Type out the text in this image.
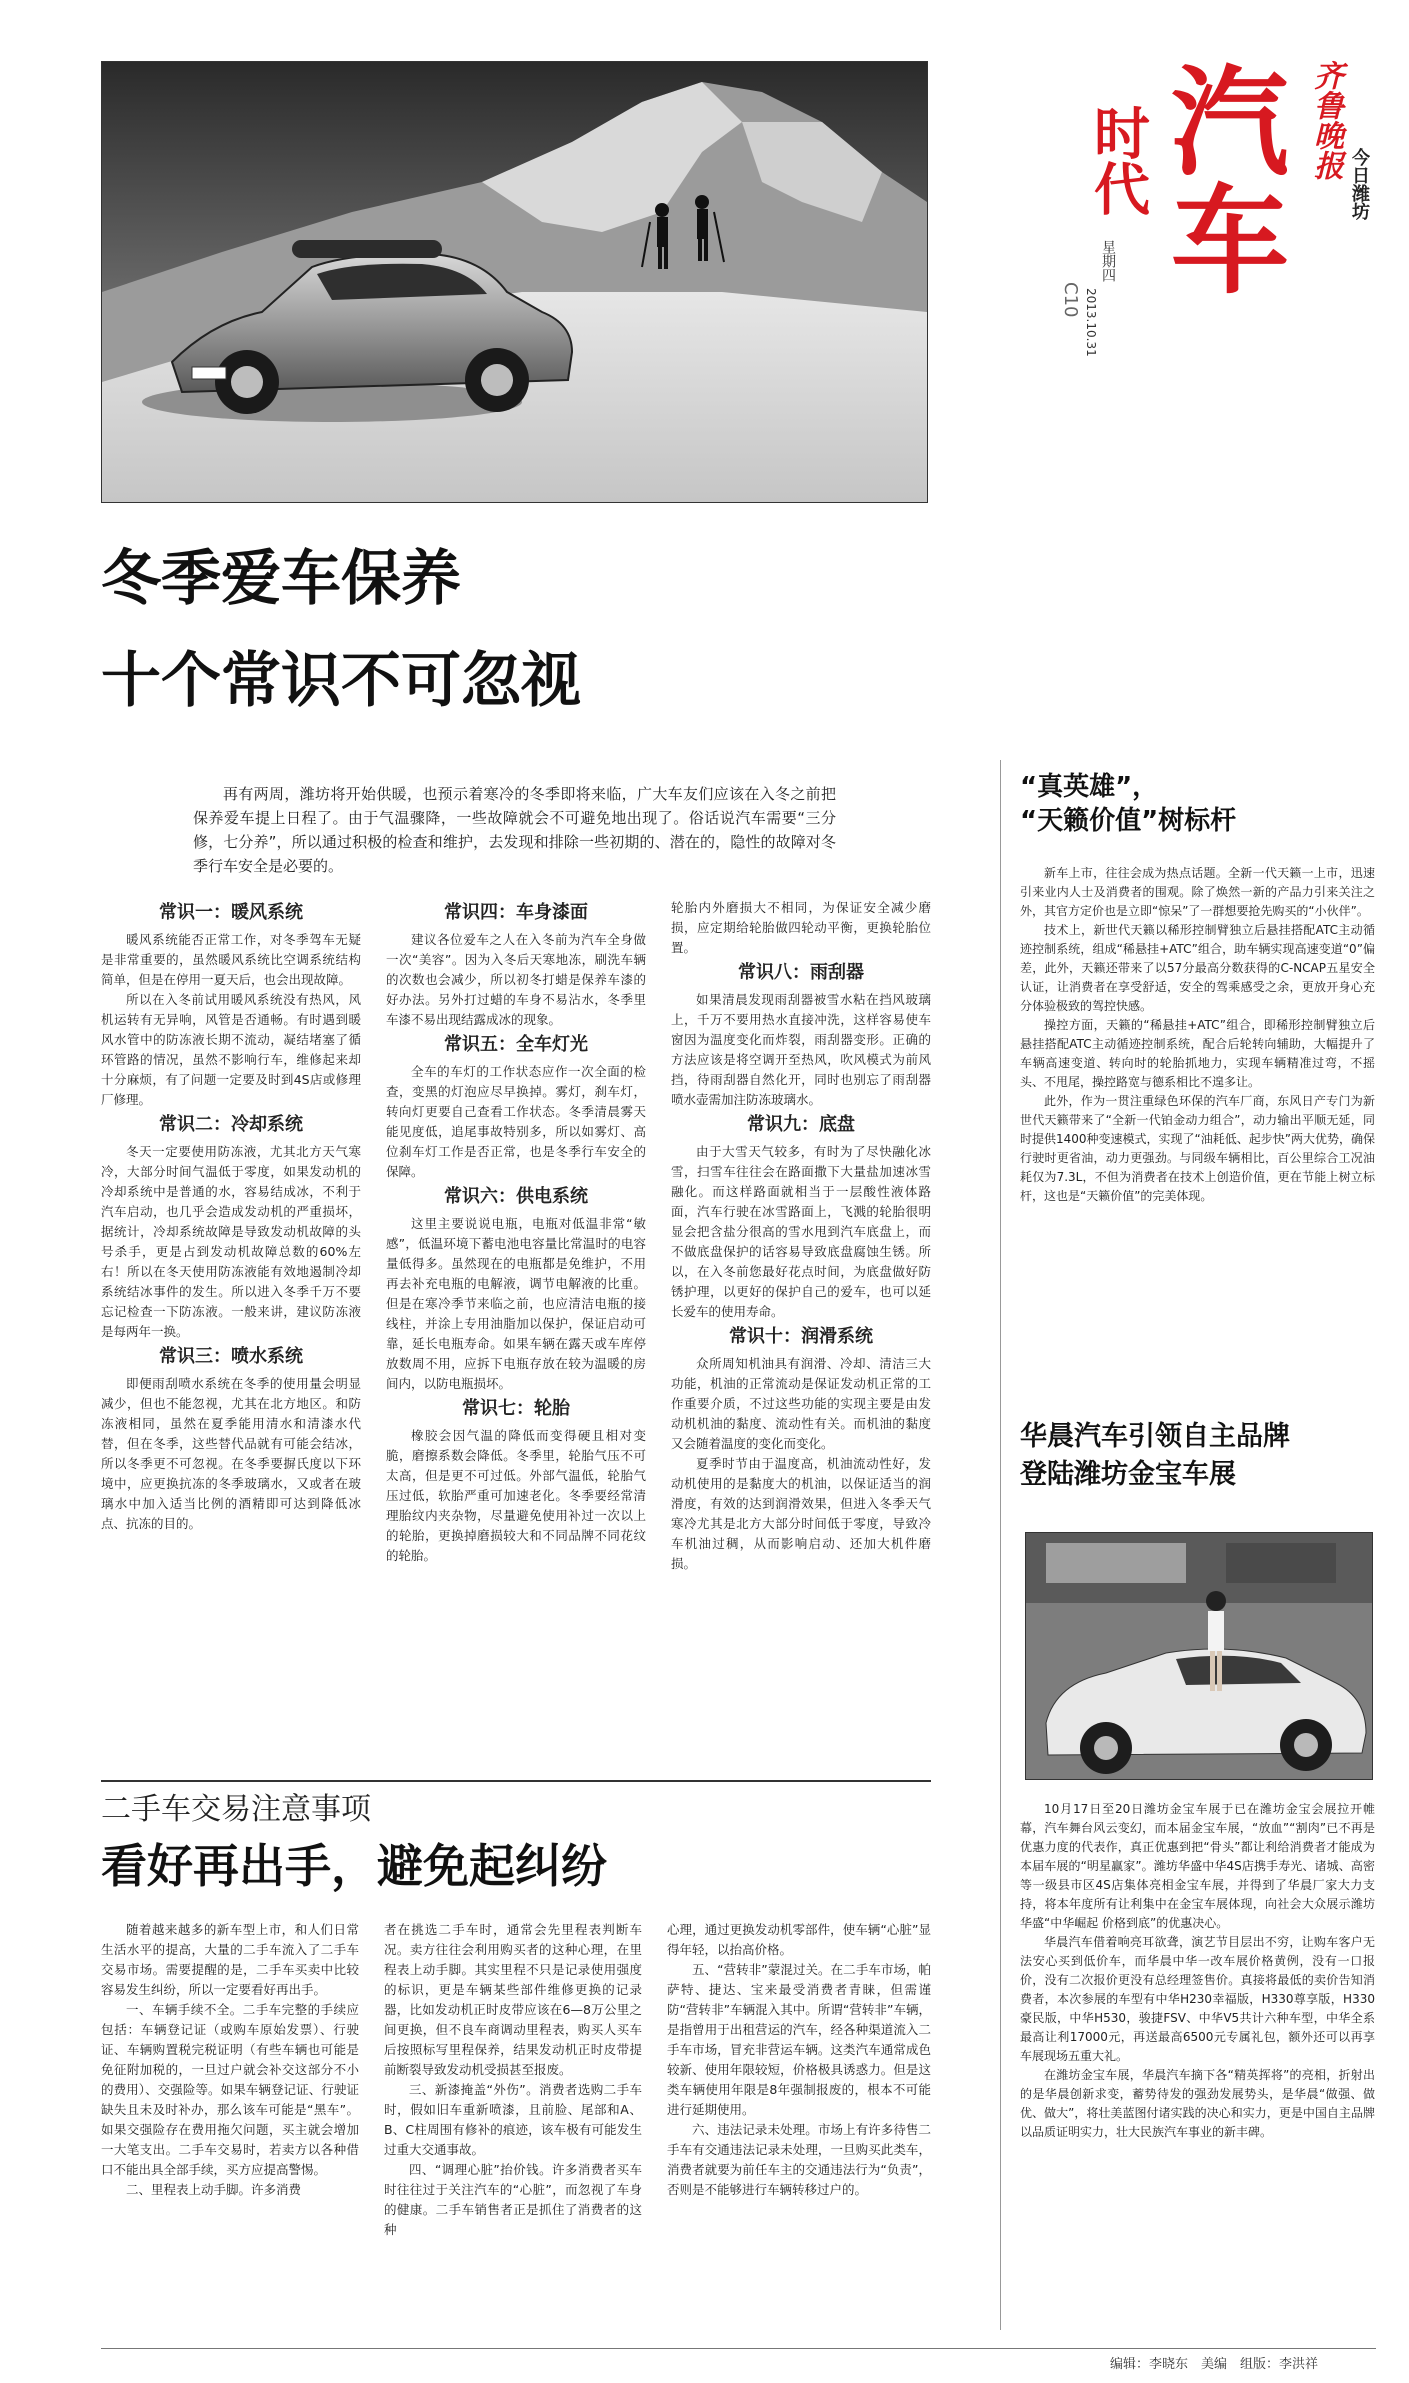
汽车
时代	齐鲁晚报
今日潍坊
星期四
2013.10.31
C10
冬季爱车保养
十个常识不可忽视

再有两周，潍坊将开始供暖，也预示着寒冷的冬季即将来临，广大车友们应该在入冬之前把保养爱车提上日程了。由于气温骤降，一些故障就会不可避免地出现了。俗话说汽车需要“三分修，七分养”，所以通过积极的检查和维护，去发现和排除一些初期的、潜在的，隐性的故障对冬季行车安全是必要的。

常识一：暖风系统

暖风系统能否正常工作，对冬季驾车无疑是非常重要的，虽然暖风系统比空调系统结构简单，但是在停用一夏天后，也会出现故障。

所以在入冬前试用暖风系统没有热风，风机运转有无异响，风管是否通畅。有时遇到暖风水管中的防冻液长期不流动，凝结堵塞了循环管路的情况，虽然不影响行车，维修起来却十分麻烦，有了问题一定要及时到4S店或修理厂修理。

常识二：冷却系统

冬天一定要使用防冻液，尤其北方天气寒冷，大部分时间气温低于零度，如果发动机的冷却系统中是普通的水，容易结成冰，不利于汽车启动，也几乎会造成发动机的严重损坏，据统计，冷却系统故障是导致发动机故障的头号杀手，更是占到发动机故障总数的60%左右！所以在冬天使用防冻液能有效地遏制冷却系统结冰事件的发生。所以进入冬季千万不要忘记检查一下防冻液。一般来讲，建议防冻液是每两年一换。

常识三：喷水系统

即便雨刮喷水系统在冬季的使用量会明显减少，但也不能忽视，尤其在北方地区。和防冻液相同，虽然在夏季能用清水和清漆水代替，但在冬季，这些替代品就有可能会结冰，所以冬季更不可忽视。在冬季要摒氏度以下环境中，应更换抗冻的冬季玻璃水，又或者在玻璃水中加入适当比例的酒精即可达到降低冰点、抗冻的目的。

常识四：车身漆面

建议各位爱车之人在入冬前为汽车全身做一次“美容”。因为入冬后天寒地冻，刷洗车辆的次数也会减少，所以初冬打蜡是保养车漆的好办法。另外打过蜡的车身不易沾水，冬季里车漆不易出现结露成冰的现象。

常识五：全车灯光

全车的车灯的工作状态应作一次全面的检查，变黑的灯泡应尽早换掉。雾灯，刹车灯，转向灯更要自己查看工作状态。冬季清晨雾天能见度低，追尾事故特别多，所以如雾灯、高位刹车灯工作是否正常，也是冬季行车安全的保障。

常识六：供电系统

这里主要说说电瓶，电瓶对低温非常“敏感”，低温环境下蓄电池电容量比常温时的电容量低得多。虽然现在的电瓶都是免维护，不用再去补充电瓶的电解液，调节电解液的比重。但是在寒冷季节来临之前，也应清洁电瓶的接线柱，并涂上专用油脂加以保护，保证启动可靠，延长电瓶寿命。如果车辆在露天或车库停放数周不用，应拆下电瓶存放在较为温暖的房间内，以防电瓶损坏。

常识七：轮胎

橡胶会因气温的降低而变得硬且相对变脆，磨擦系数会降低。冬季里，轮胎气压不可太高，但是更不可过低。外部气温低，轮胎气压过低，软胎严重可加速老化。冬季要经常清理胎纹内夹杂物，尽量避免使用补过一次以上的轮胎，更换掉磨损较大和不同品牌不同花纹的轮胎。

轮胎内外磨损大不相同，为保证安全减少磨损，应定期给轮胎做四轮动平衡，更换轮胎位置。

常识八：雨刮器

如果清晨发现雨刮器被雪水粘在挡风玻璃上，千万不要用热水直接冲洗，这样容易使车窗因为温度变化而炸裂，雨刮器变形。正确的方法应该是将空调开至热风，吹风模式为前风挡，待雨刮器自然化开，同时也别忘了雨刮器喷水壶需加注防冻玻璃水。

常识九：底盘

由于大雪天气较多，有时为了尽快融化冰雪，扫雪车往往会在路面撒下大量盐加速冰雪融化。而这样路面就相当于一层酸性液体路面，汽车行驶在冰雪路面上，飞溅的轮胎很明显会把含盐分很高的雪水甩到汽车底盘上，而不做底盘保护的话容易导致底盘腐蚀生锈。所以，在入冬前您最好花点时间，为底盘做好防锈护理，以更好的保护自己的爱车，也可以延长爱车的使用寿命。

常识十：润滑系统

众所周知机油具有润滑、冷却、清洁三大功能，机油的正常流动是保证发动机正常的工作重要介质，不过这些功能的实现主要是由发动机机油的黏度、流动性有关。而机油的黏度又会随着温度的变化而变化。

夏季时节由于温度高，机油流动性好，发动机使用的是黏度大的机油，以保证适当的润滑度，有效的达到润滑效果，但进入冬季天气寒冷尤其是北方大部分时间低于零度，导致冷车机油过稠，从而影响启动、还加大机件磨损。

二手车交易注意事项
看好再出手，避免起纠纷

随着越来越多的新车型上市，和人们日常生活水平的提高，大量的二手车流入了二手车交易市场。需要提醒的是，二手车买卖中比较容易发生纠纷，所以一定要看好再出手。

一、车辆手续不全。二手车完整的手续应包括：车辆登记证（或购车原始发票）、行驶证、车辆购置税完税证明（有些车辆也可能是免征附加税的，一旦过户就会补交这部分不小的费用）、交强险等。如果车辆登记证、行驶证缺失且未及时补办，那么该车可能是“黑车”。如果交强险存在费用拖欠问题，买主就会增加一大笔支出。二手车交易时，若卖方以各种借口不能出具全部手续，买方应提高警惕。

二、里程表上动手脚。许多消费

者在挑选二手车时，通常会先里程表判断车况。卖方往往会利用购买者的这种心理，在里程表上动手脚。其实里程不只是记录使用强度的标识，更是车辆某些部件维修更换的记录器，比如发动机正时皮带应该在6—8万公里之间更换，但不良车商调动里程表，购买人买车后按照标写里程保养，结果发动机正时皮带提前断裂导致发动机受损甚至报废。

三、新漆掩盖“外伤”。消费者选购二手车时，假如旧车重新喷漆，且前脸、尾部和A、B、C柱周围有修补的痕迹，该车极有可能发生过重大交通事故。

四、“调理心脏”抬价钱。许多消费者买车时往往过于关注汽车的“心脏”，而忽视了车身的健康。二手车销售者正是抓住了消费者的这种

心理，通过更换发动机零部件，使车辆“心脏”显得年轻，以抬高价格。

五、“营转非”蒙混过关。在二手车市场，帕萨特、捷达、宝来最受消费者青睐，但需谨防“营转非”车辆混入其中。所谓“营转非”车辆，是指曾用于出租营运的汽车，经各种渠道流入二手车市场，冒充非营运车辆。这类汽车通常成色较新、使用年限较短，价格极具诱惑力。但是这类车辆使用年限是8年强制报废的，根本不可能进行延期使用。

六、违法记录未处理。市场上有许多待售二手车有交通违法记录未处理，一旦购买此类车，消费者就要为前任车主的交通违法行为“负责”，否则是不能够进行车辆转移过户的。

“真英雄”，
“天籁价值”树标杆

新车上市，往往会成为热点话题。全新一代天籁一上市，迅速引来业内人士及消费者的围观。除了焕然一新的产品力引来关注之外，其官方定价也是立即“惊呆”了一群想要抢先购买的“小伙伴”。

技术上，新世代天籁以稀形控制臂独立后悬挂搭配ATC主动循迹控制系统，组成“稀悬挂+ATC”组合，助车辆实现高速变道“0”偏差，此外，天籁还带来了以57分最高分数获得的C-NCAP五星安全认证，让消费者在享受舒适，安全的驾乘感受之余，更放开身心充分体验极致的驾控快感。

操控方面，天籁的“稀悬挂+ATC”组合，即稀形控制臂独立后悬挂搭配ATC主动循迹控制系统，配合后轮转向辅助，大幅提升了车辆高速变道、转向时的轮胎抓地力，实现车辆精准过弯，不摇头、不甩尾，操控路宽与德系相比不遑多让。

此外，作为一贯注重绿色环保的汽车厂商，东风日产专门为新世代天籁带来了“全新一代铂金动力组合”，动力输出平顺无延，同时提供1400种变速模式，实现了“油耗低、起步快”两大优势，确保行驶时更省油，动力更强劲。与同级车辆相比，百公里综合工况油耗仅为7.3L，不但为消费者在技术上创造价值，更在节能上树立标杆，这也是“天籁价值”的完美体现。

华晨汽车引领自主品牌
登陆潍坊金宝车展

10月17日至20日潍坊金宝车展于已在潍坊金宝会展拉开帷幕，汽车舞台风云变幻，而本届金宝车展，“放血”“割肉”已不再是优惠力度的代表作，真正优惠到把“骨头”都让利给消费者才能成为本届车展的“明星赢家”。潍坊华盛中华4S店携手寿光、诸城、高密等一级县市区4S店集体亮相金宝车展，并得到了华晨厂家大力支持，将本年度所有让利集中在金宝车展体现，向社会大众展示潍坊华盛“中华崛起 价格到底”的优惠决心。

华晨汽车借着响亮耳欲聋，演艺节目层出不穷，让购车客户无法安心买到低价车，而华晨中华一改车展价格黄例，没有一口报价，没有二次报价更没有总经理签售价。真接将最低的卖价告知消费者，本次参展的车型有中华H230幸福版，H330尊享版，H330豪民版，中华H530，骏捷FSV、中华V5共计六种车型，中华全系最高让利17000元，再送最高6500元专属礼包，额外还可以再享车展现场五重大礼。

在潍坊金宝车展，华晨汽车摘下各“精英挥将”的亮相，折射出的是华晨创新求变，蓄势待发的强劲发展势头，是华晨“做强、做优、做大”，将壮美蓝图付诸实践的决心和实力，更是中国自主品牌以品质证明实力，壮大民族汽车事业的新丰碑。

编辑：李晓东　美编　组版：李洪祥
